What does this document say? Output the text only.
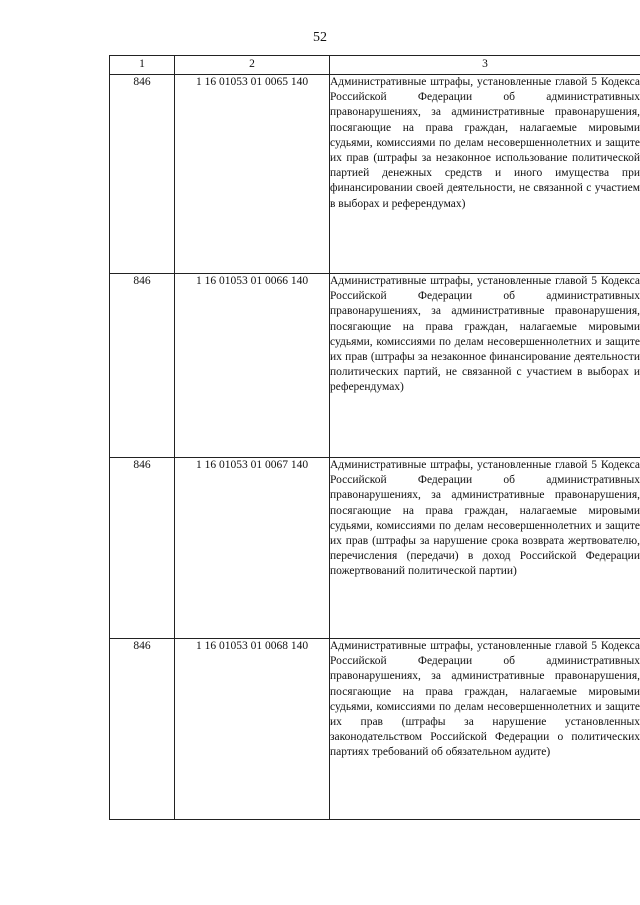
52
1	2	3
846	1 16 01053 01 0065 140	Административные штрафы, установленные главой 5 Кодекса Российской Федерации об административных правонарушениях, за административные правонарушения, посягающие на права граждан, налагаемые мировыми судьями, комиссиями по делам несовершеннолетних и защите их прав (штрафы за незаконное использование политической партией денежных средств и иного имущества при финансировании своей деятельности, не связанной с участием в выборах и референдумах)
846	1 16 01053 01 0066 140	Административные штрафы, установленные главой 5 Кодекса Российской Федерации об административных правонарушениях, за административные правонарушения, посягающие на права граждан, налагаемые мировыми судьями, комиссиями по делам несовершеннолетних и защите их прав (штрафы за незаконное финансирование деятельности политических партий, не связанной с участием в выборах и референдумах)
846	1 16 01053 01 0067 140	Административные штрафы, установленные главой 5 Кодекса Российской Федерации об административных правонарушениях, за административные правонарушения, посягающие на права граждан, налагаемые мировыми судьями, комиссиями по делам несовершеннолетних и защите их прав (штрафы за нарушение срока возврата жертвователю, перечисления (передачи) в доход Российской Федерации пожертвований политической партии)
846	1 16 01053 01 0068 140	Административные штрафы, установленные главой 5 Кодекса Российской Федерации об административных правонарушениях, за административные правонарушения, посягающие на права граждан, налагаемые мировыми судьями, комиссиями по делам несовершеннолетних и защите их прав (штрафы за нарушение установленных законодательством Российской Федерации о политических партиях требований об обязательном аудите)
